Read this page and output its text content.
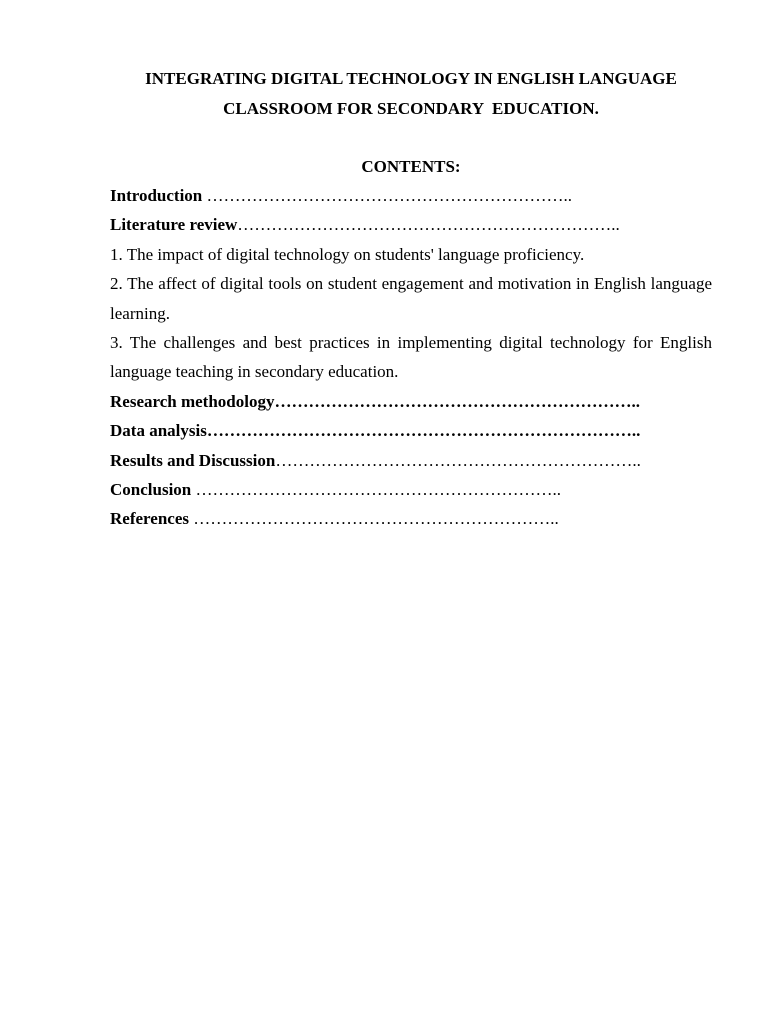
INTEGRATING DIGITAL TECHNOLOGY IN ENGLISH LANGUAGE
CLASSROOM FOR SECONDARY  EDUCATION.
CONTENTS:
Introduction ………………………………………………………..
Literature review…………………………………………………………..
1. The impact of digital technology on students' language proficiency.
2. The affect of digital tools on student engagement and motivation in English language learning.
3. The challenges and best practices in implementing digital technology for English language teaching in secondary education.
Research methodology………………………………………………………..
Data analysis…………………………………………………………………..
Results and Discussion………………………………………………………..
Conclusion ………………………………………………………..
References ………………………………………………………..
